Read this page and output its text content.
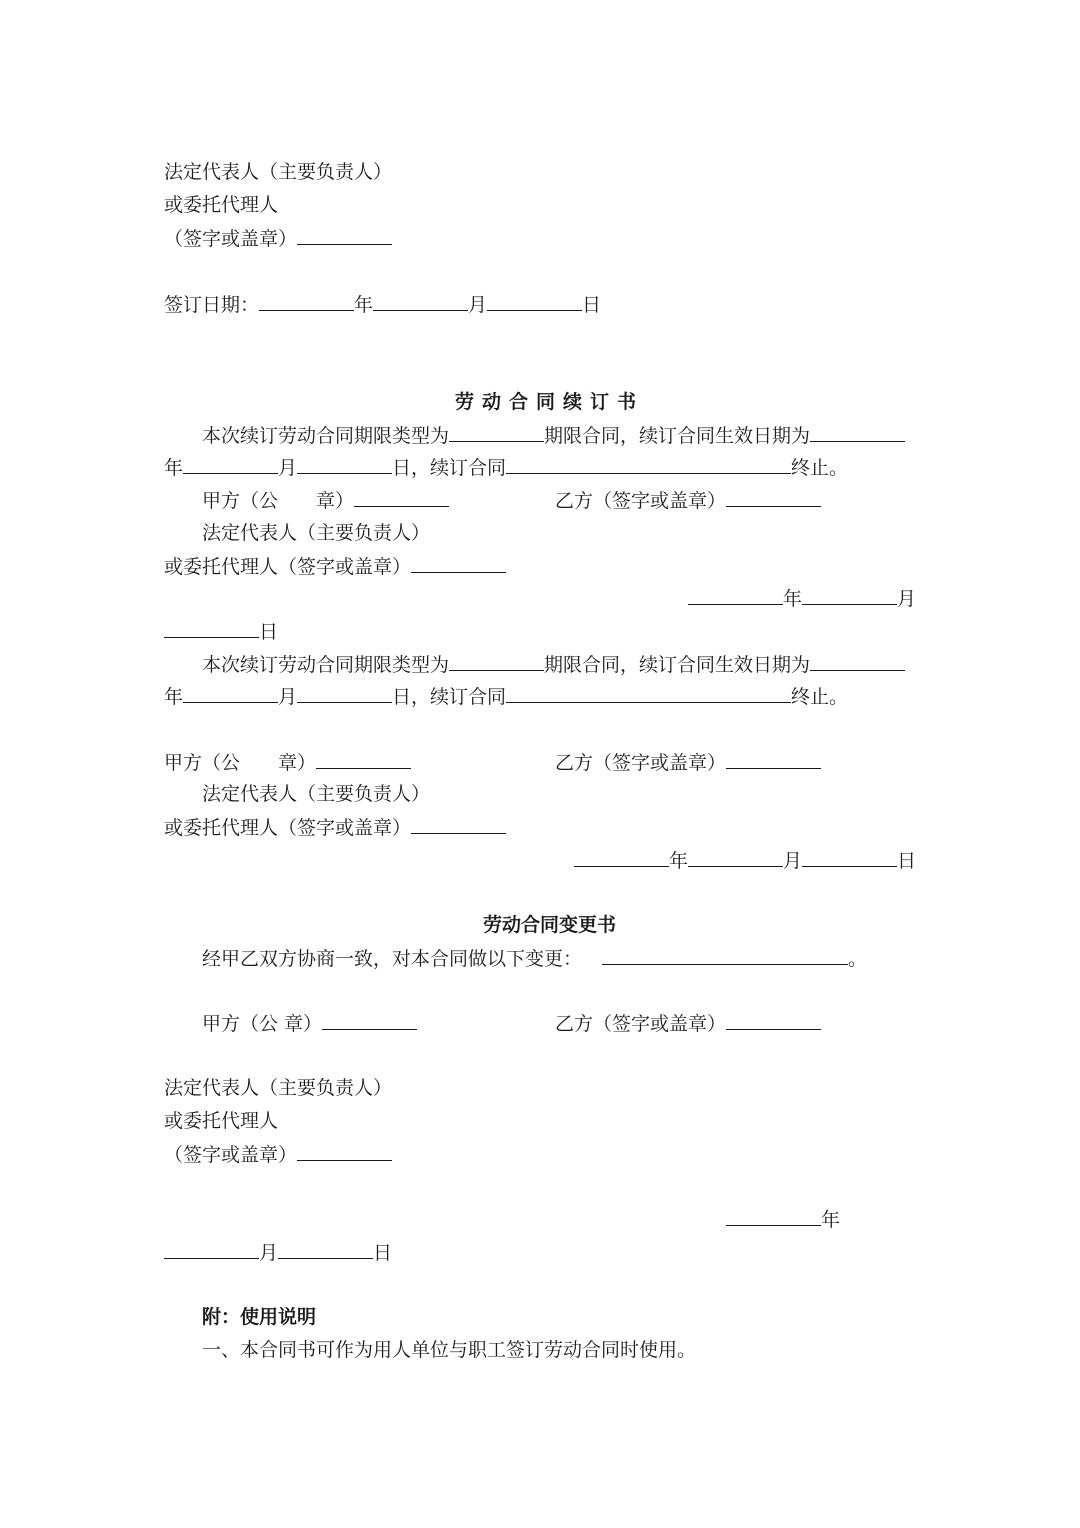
法定代表人（主要负责人）
或委托代理人
（签字或盖章）
签订日期：	年	月	日
劳动合同续订书
本次续订劳动合同期限类型为	期限合同，续订合同生效日期为
年	月	日，续订合同	终止。
甲方（公　　章）	乙方（签字或盖章）
法定代表人（主要负责人）
或委托代理人（签字或盖章）
年	月
日
本次续订劳动合同期限类型为	期限合同，续订合同生效日期为
年	月	日，续订合同	终止。
甲方（公　　章）	乙方（签字或盖章）
法定代表人（主要负责人）
或委托代理人（签字或盖章）
年	月	日
劳动合同变更书
经甲乙双方协商一致，对本合同做以下变更：	。
甲方（公 章）	乙方（签字或盖章）
法定代表人（主要负责人）
或委托代理人
（签字或盖章）
年
月	日
附：使用说明
一、本合同书可作为用人单位与职工签订劳动合同时使用。
